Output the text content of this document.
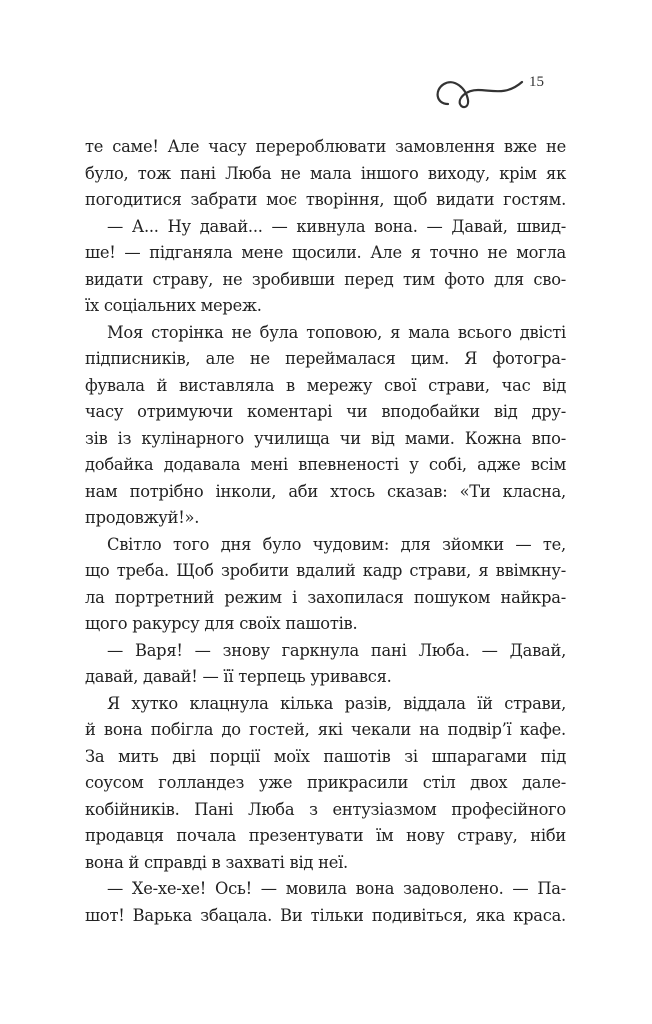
15
те саме! Але часу перероблювати замовлення вже не
було, тож пані Люба не мала іншого виходу, крім як
погодитися забрати моє творіння, щоб видати гостям.
— А... Ну давай... — кивнула вона. — Давай, швид-
ше! — підганяла мене щосили. Але я точно не могла
видати страву, не зробивши перед тим фото для сво-
їх соціальних мереж.
Моя сторінка не була топовою, я мала всього двісті
підписників, але не переймалася цим. Я фотогра-
фувала й виставляла в мережу свої страви, час від
часу отримуючи коментарі чи вподобайки від дру-
зів із кулінарного училища чи від мами. Кожна впо-
добайка додавала мені впевненості у собі, адже всім
нам потрібно інколи, аби хтось сказав: «Ти класна,
продовжуй!».
Світло того дня було чудовим: для зйомки — те,
що треба. Щоб зробити вдалий кадр страви, я ввімкну-
ла портретний режим і захопилася пошуком найкра-
щого ракурсу для своїх пашотів.
— Варя! — знову гаркнула пані Люба. — Давай,
давай, давай! — її терпець уривався.
Я хутко клацнула кілька разів, віддала їй страви,
й вона побігла до гостей, які чекали на подвір’ї кафе.
За мить дві порції моїх пашотів зі шпарагами під
соусом голландез уже прикрасили стіл двох дале-
кобійників. Пані Люба з ентузіазмом професійного
продавця почала презентувати їм нову страву, ніби
вона й справді в захваті від неї.
— Хе-хе-хе! Ось! — мовила вона задоволено. — Па-
шот! Варька збацала. Ви тільки подивіться, яка краса.
